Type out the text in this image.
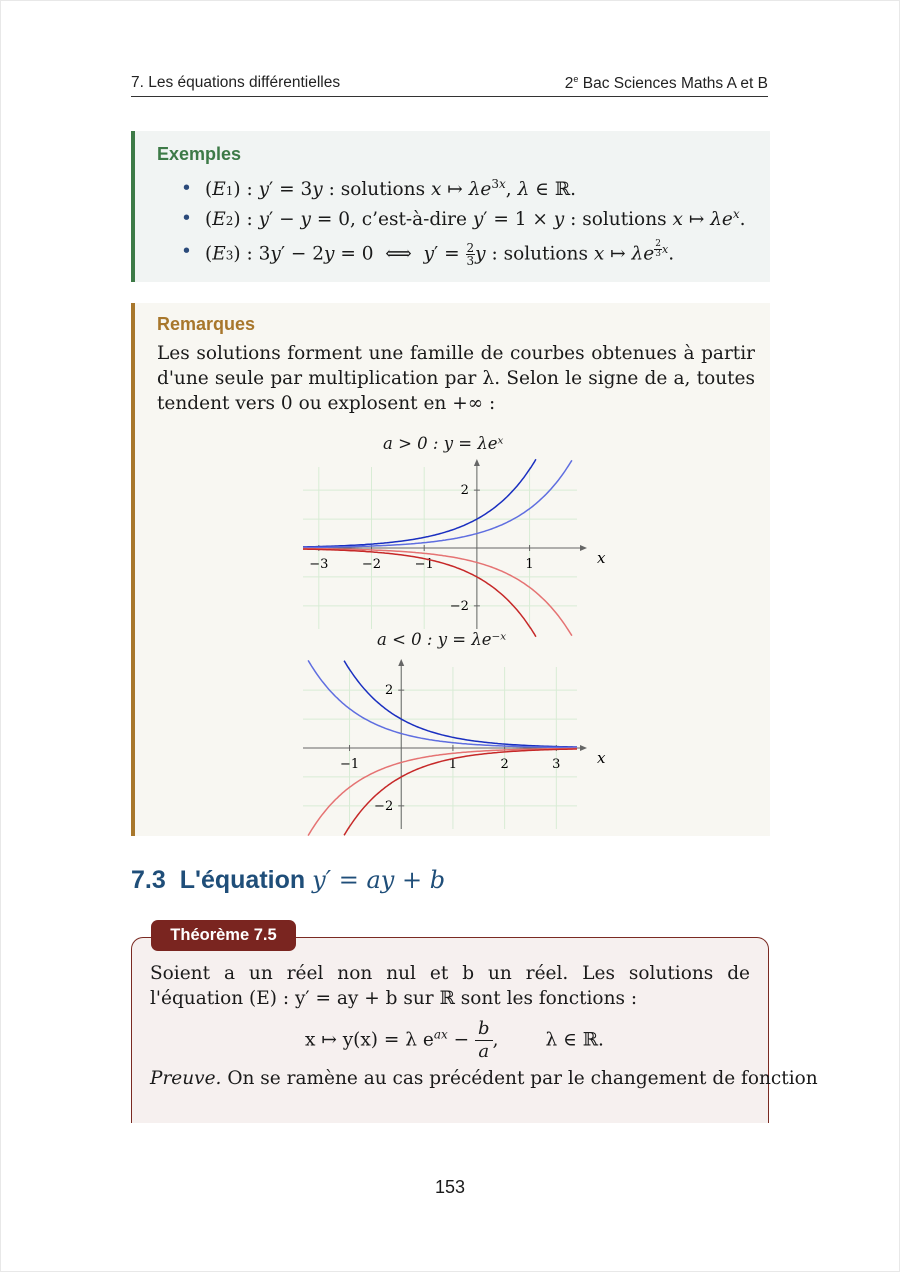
7. Les équations différentielles	2e Bac Sciences Maths A et B
Exemples
• (E1) : y′ = 3y : solutions x ↦ $\lambda e^{3x}$, λ ∈ ℝ.
• (E2) : y′ − y = 0, c’est-à-dire y′ = 1 × y : solutions x ↦ $\lambda e^x$.
• (E3) : 3y′ − 2y = 0  ⟺  $y' = \frac{2}{3}$ y : solutions x ↦ λe $^{\frac{2}{3} x}$.
Remarques
Les solutions forment une famille de courbes obtenues à partir d'une seule par multiplication par λ. Selon le signe de a, toutes tendent vers 0 ou explosent en +∞ :
a > 0 : y = λeˣ
x
−3	−2	−1	1
2
−2
a < 0 : y = λe⁻ˣ
x
−1	1	2	3
2
−2
7.3 L'équation y′ = ay + b
Théorème 7.5
Soient a un réel non nul et b un réel. Les solutions de l'équation (E) : y′ = ay + b sur ℝ sont les fonctions :
x ↦ y(x) = λ $e^{ax} - \frac{b}{a}$ ,        λ ∈ ℝ.
Preuve. On se ramène au cas précédent par le changement de fonction
153
